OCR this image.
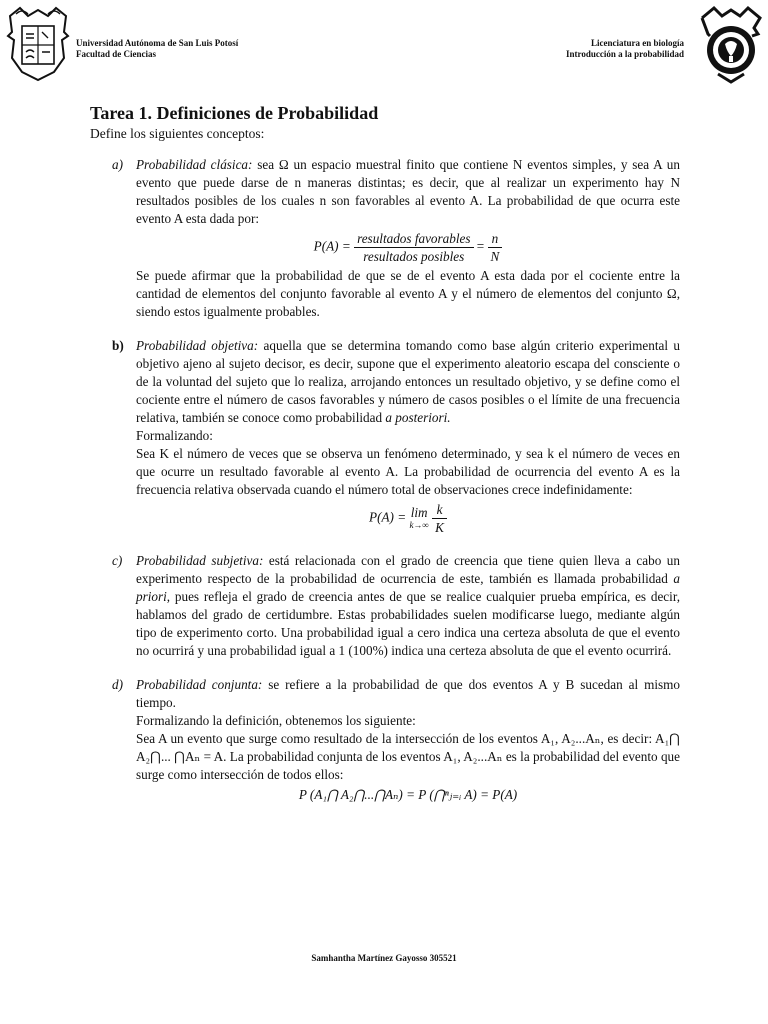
Universidad Autónoma de San Luis Potosí
Facultad de Ciencias
Licenciatura en biología
Introducción a la probabilidad
Tarea 1. Definiciones de Probabilidad

Define los siguientes conceptos:

a) Probabilidad clásica: sea Ω un espacio muestral finito que contiene N eventos simples, y sea A un evento que puede darse de n maneras distintas; es decir, que al realizar un experimento hay N resultados posibles de los cuales n son favorables al evento A. La probabilidad de que ocurra este evento A esta dada por:

$P(A) = \frac{\text{resultados favorables}}{\text{resultados posibles}} = \frac{n}{N}$

Se puede afirmar que la probabilidad de que se de el evento A esta dada por el cociente entre la cantidad de elementos del conjunto favorable al evento A y el número de elementos del conjunto Ω, siendo estos igualmente probables.

b) Probabilidad objetiva: aquella que se determina tomando como base algún criterio experimental u objetivo ajeno al sujeto decisor, es decir, supone que el experimento aleatorio escapa del consciente o de la voluntad del sujeto que lo realiza, arrojando entonces un resultado objetivo, y se define como el cociente entre el número de casos favorables y número de casos posibles o el límite de una frecuencia relativa, también se conoce como probabilidad a posteriori.

Formalizando:

Sea K el número de veces que se observa un fenómeno determinado, y sea k el número de veces en que ocurre un resultado favorable al evento A. La probabilidad de ocurrencia del evento A es la frecuencia relativa observada cuando el número total de observaciones crece indefinidamente:

P(A) = lim
k→∞
$\frac{k}{K}$
c) Probabilidad subjetiva: está relacionada con el grado de creencia que tiene quien lleva a cabo un experimento respecto de la probabilidad de ocurrencia de este, también es llamada probabilidad a priori, pues refleja el grado de creencia antes de que se realice cualquier prueba empírica, es decir, hablamos del grado de certidumbre. Estas probabilidades suelen modificarse luego, mediante algún tipo de experimento corto. Una probabilidad igual a cero indica una certeza absoluta de que el evento no ocurrirá y una probabilidad igual a 1 (100%) indica una certeza absoluta de que el evento ocurrirá.

d) Probabilidad conjunta: se refiere a la probabilidad de que dos eventos A y B sucedan al mismo tiempo.

Formalizando la definición, obtenemos los siguiente:

Sea A un evento que surge como resultado de la intersección de los eventos A₁, A₂...Aₙ, es decir: A₁⋂ A₂⋂... ⋂Aₙ = A. La probabilidad conjunta de los eventos A₁, A₂...Aₙ es la probabilidad del evento que surge como intersección de todos ellos:

P (A₁⋂ A₂⋂...⋂Aₙ) = P (⋂ⁿⱼ₌ᵢ A) = P(A)
Samhantha Martínez Gayosso 305521
